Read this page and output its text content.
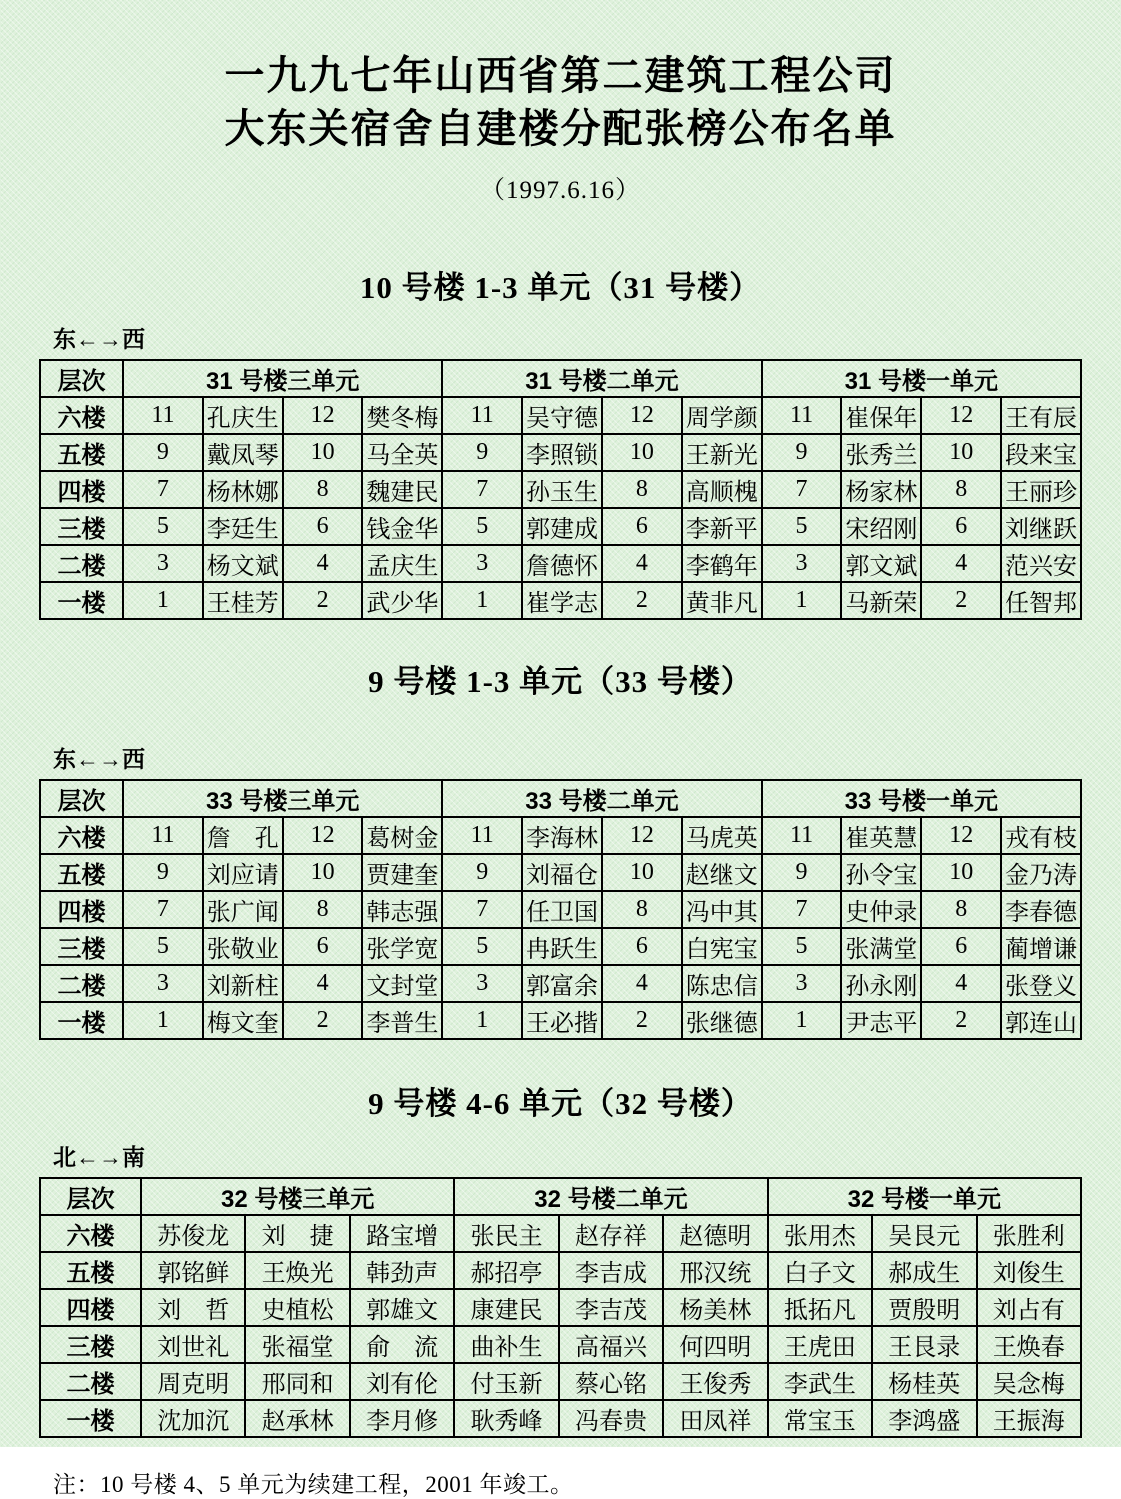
一九九七年山西省第二建筑工程公司
大东关宿舍自建楼分配张榜公布名单
（1997.6.16）
10 号楼 1-3 单元（31 号楼）
东←→西
层次	31 号楼三单元				31 号楼二单元				31 号楼一单元			
六楼	11	孔庆生	12	樊冬梅	11	吴守德	12	周学颜	11	崔保年	12	王有辰
五楼	9	戴凤琴	10	马全英	9	李照锁	10	王新光	9	张秀兰	10	段来宝
四楼	7	杨林娜	8	魏建民	7	孙玉生	8	高顺槐	7	杨家林	8	王丽珍
三楼	5	李廷生	6	钱金华	5	郭建成	6	李新平	5	宋绍刚	6	刘继跃
二楼	3	杨文斌	4	孟庆生	3	詹德怀	4	李鹤年	3	郭文斌	4	范兴安
一楼	1	王桂芳	2	武少华	1	崔学志	2	黄非凡	1	马新荣	2	任智邦
9 号楼 1-3 单元（33 号楼）
东←→西
层次	33 号楼三单元				33 号楼二单元				33 号楼一单元			
六楼	11	詹　孔	12	葛树金	11	李海林	12	马虎英	11	崔英慧	12	戎有枝
五楼	9	刘应请	10	贾建奎	9	刘福仓	10	赵继文	9	孙令宝	10	金乃涛
四楼	7	张广闻	8	韩志强	7	任卫国	8	冯中其	7	史仲录	8	李春德
三楼	5	张敬业	6	张学宽	5	冉跃生	6	白宪宝	5	张满堂	6	蔺增谦
二楼	3	刘新柱	4	文封堂	3	郭富余	4	陈忠信	3	孙永刚	4	张登义
一楼	1	梅文奎	2	李普生	1	王必揩	2	张继德	1	尹志平	2	郭连山
9 号楼 4-6 单元（32 号楼）
北←→南
层次	32 号楼三单元			32 号楼二单元			32 号楼一单元		
六楼	苏俊龙	刘　捷	路宝增	张民主	赵存祥	赵德明	张用杰	吴艮元	张胜利
五楼	郭铭鲜	王焕光	韩劲声	郝招亭	李吉成	邢汉统	白子文	郝成生	刘俊生
四楼	刘　哲	史植松	郭雄文	康建民	李吉茂	杨美林	抵拓凡	贾殷明	刘占有
三楼	刘世礼	张福堂	俞　流	曲补生	高福兴	何四明	王虎田	王艮录	王焕春
二楼	周克明	邢同和	刘有伦	付玉新	蔡心铭	王俊秀	李武生	杨桂英	吴念梅
一楼	沈加沉	赵承林	李月修	耿秀峰	冯春贵	田凤祥	常宝玉	李鸿盛	王振海
注：10 号楼 4、5 单元为续建工程，2001 年竣工。
